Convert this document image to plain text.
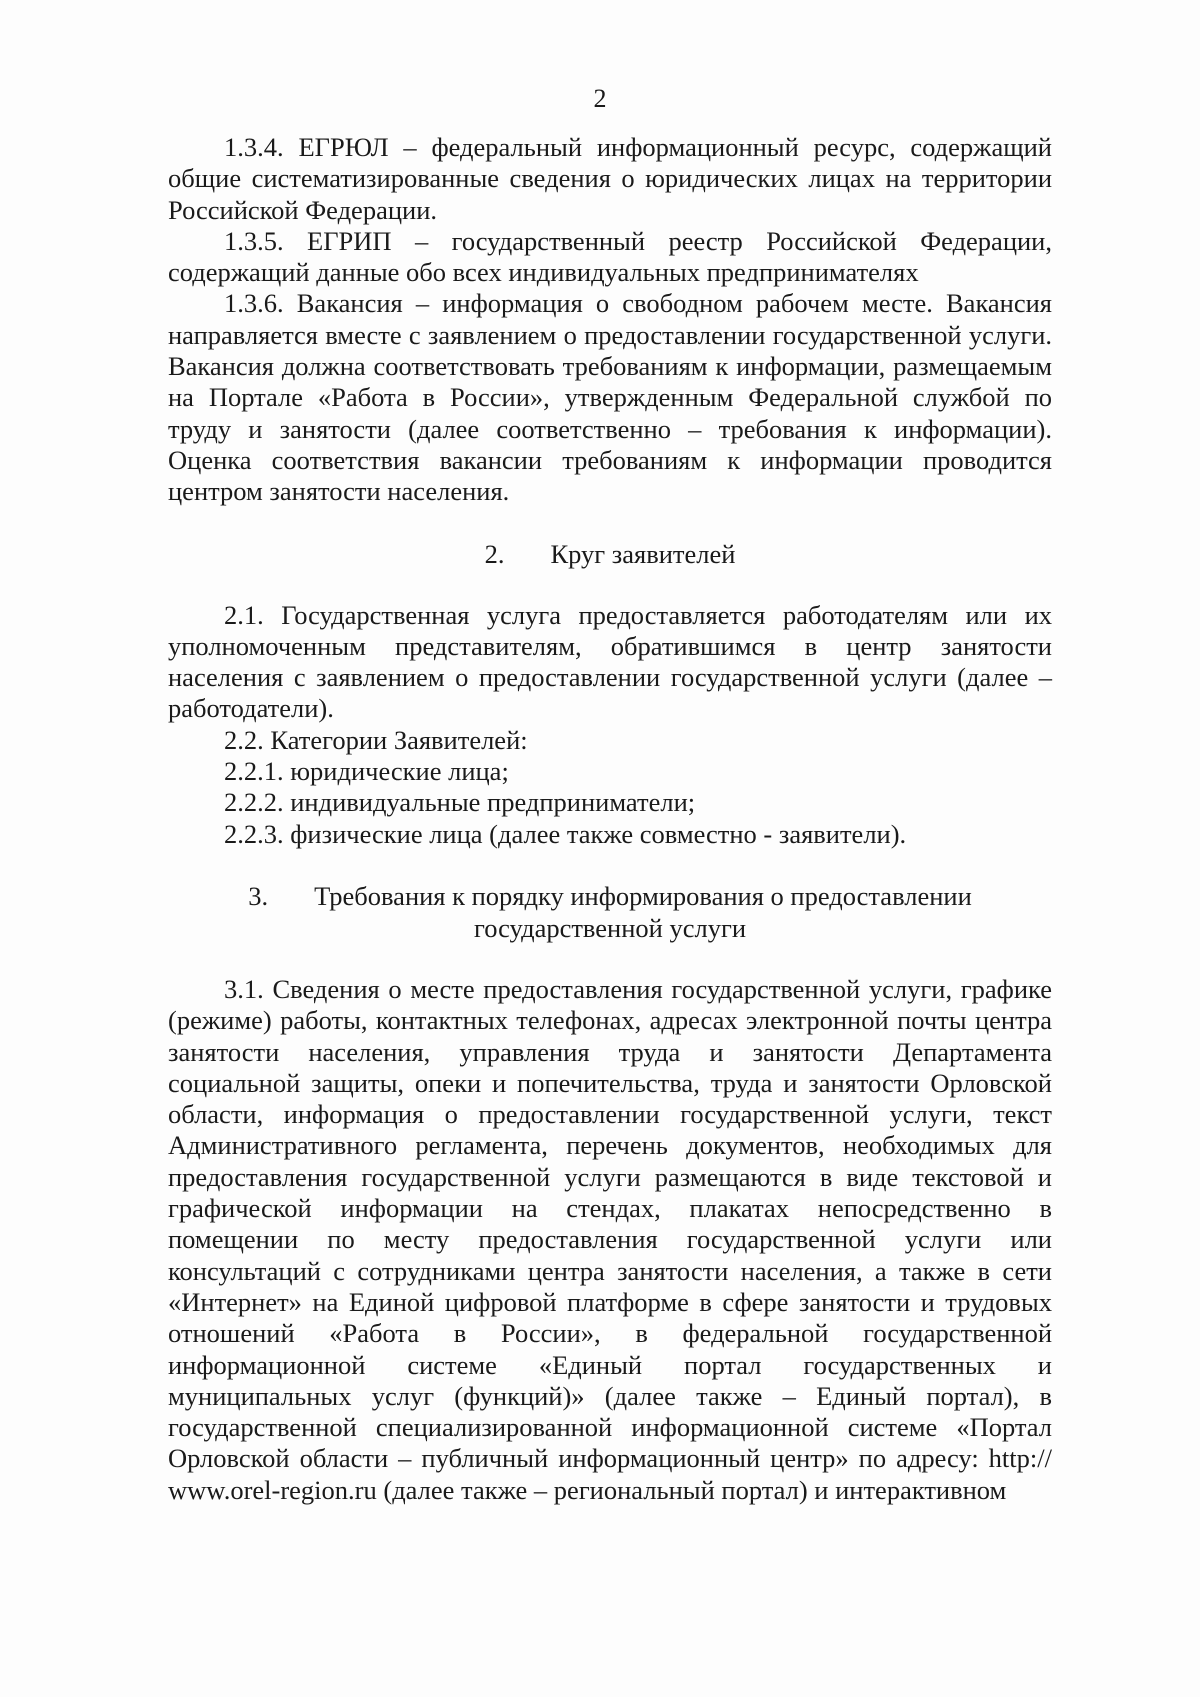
2

1.3.4. ЕГРЮЛ – федеральный информационный ресурс, содержащий общие систематизированные сведения о юридических лицах на территории Российской Федерации.

1.3.5. ЕГРИП – государственный реестр Российской Федерации, содержащий данные обо всех индивидуальных предпринимателях

1.3.6. Вакансия – информация о свободном рабочем месте. Вакансия направляется вместе с заявлением о предоставлении государственной услуги. Вакансия должна соответствовать требованиям к информации, размещаемым на Портале «Работа в России», утвержденным Федеральной службой по труду и занятости (далее соответственно – требования к информации). Оценка соответствия вакансии требованиям к информации проводится центром занятости населения.

2. Круг заявителей

2.1. Государственная услуга предоставляется работодателям или их уполномоченным представителям, обратившимся в центр занятости населения с заявлением о предоставлении государственной услуги (далее – работодатели).

2.2. Категории Заявителей:

2.2.1. юридические лица;

2.2.2. индивидуальные предприниматели;

2.2.3. физические лица (далее также совместно - заявители).

3. Требования к порядку информирования о предоставлении
государственной услуги

3.1. Сведения о месте предоставления государственной услуги, графике (режиме) работы, контактных телефонах, адресах электронной почты центра занятости населения, управления труда и занятости Департамента социальной защиты, опеки и попечительства, труда и занятости Орловской области, информация о предоставлении государственной услуги, текст Административного регламента, перечень документов, необходимых для предоставления государственной услуги размещаются в виде текстовой и графической информации на стендах, плакатах непосредственно в помещении по месту предоставления государственной услуги или консультаций с сотрудниками центра занятости населения, а также в сети «Интернет» на Единой цифровой платформе в сфере занятости и трудовых отношений «Работа в России», в федеральной государственной информационной системе «Единый портал государственных и муниципальных услуг (функций)» (далее также – Единый портал), в государственной специализированной информационной системе «Портал Орловской области – публичный информационный центр» по адресу: http:// www.orel-region.ru (далее также – региональный портал) и интерактивном
